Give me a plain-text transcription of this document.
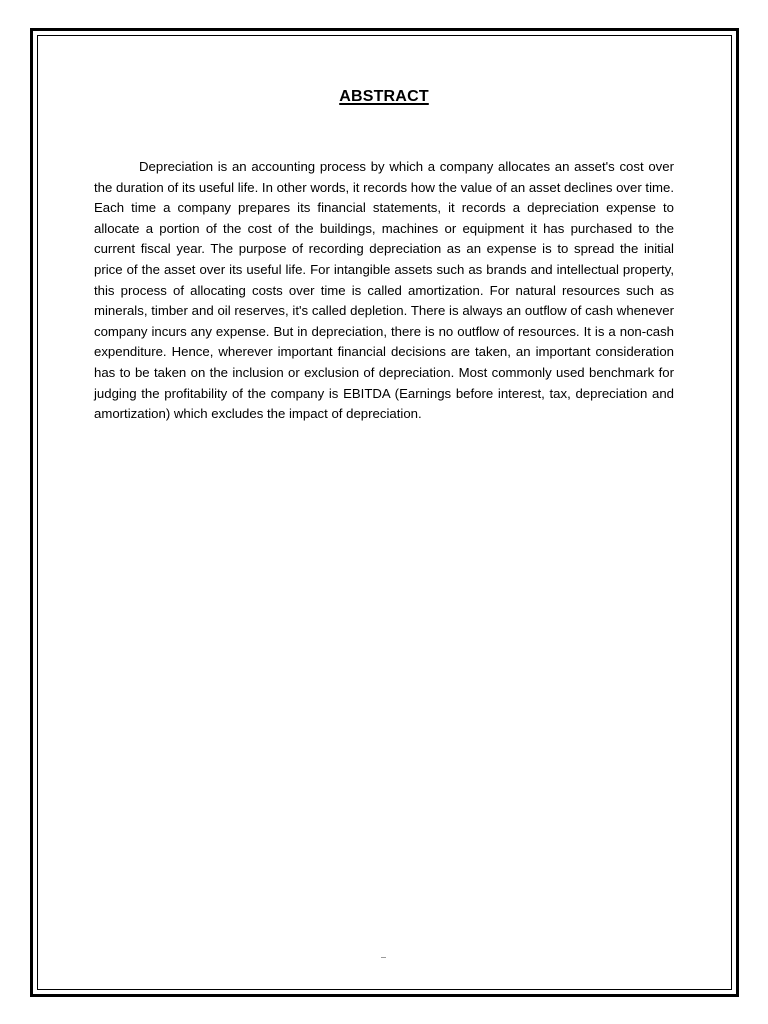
ABSTRACT

Depreciation is an accounting process by which a company allocates an asset's cost over the duration of its useful life. In other words, it records how the value of an asset declines over time. Each time a company prepares its financial statements, it records a depreciation expense to allocate a portion of the cost of the buildings, machines or equipment it has purchased to the current fiscal year. The purpose of recording depreciation as an expense is to spread the initial price of the asset over its useful life. For intangible assets such as brands and intellectual property, this process of allocating costs over time is called amortization. For natural resources such as minerals, timber and oil reserves, it's called depletion. There is always an outflow of cash whenever company incurs any expense. But in depreciation, there is no outflow of resources. It is a non-cash expenditure. Hence, wherever important financial decisions are taken, an important consideration has to be taken on the inclusion or exclusion of depreciation. Most commonly used benchmark for judging the profitability of the company is EBITDA (Earnings before interest, tax, depreciation and amortization) which excludes the impact of depreciation.
